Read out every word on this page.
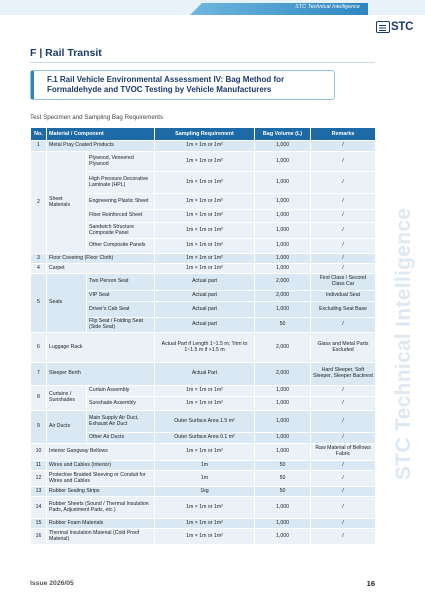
STC Technical Intelligence
STC
F | Rail Transit
F.1 Rail Vehicle Environmental Assessment IV: Bag Method for Formaldehyde and TVOC Testing by Vehicle Manufacturers
STC Technical Intelligence
Test Specimen and Sampling Bag Requirements
No.	Material / Component		Sampling Requirement	Bag Volume (L)	Remarks
1	Metal Pray Coated Products		1m × 1m or 1m²	1,000	/
2	Sheet Materials	Plywood, Veneered Plywood	1m × 1m or 1m²	1,000	/
		High Pressure Decorative Laminate (HPL)	1m × 1m or 1m²	1,000	/
		Engineering Plastic Sheet	1m × 1m or 1m²	1,000	/
		Fiber Reinforced Sheet	1m × 1m or 1m²	1,000	/
		Sandwich Structure Composite Panel	1m × 1m or 1m²	1,000	/
		Other Composite Panels	1m × 1m or 1m²	1,000	/
3	Floor Covering (Floor Cloth)		1m × 1m or 1m²	1,000	/
4	Carpet		1m × 1m or 1m²	1,000	/
5	Seats	Two Person Seat	Actual part	2,000	First Class / Second Class Car
		VIP Seat	Actual part	2,000	Individual Seat
		Driver's Cab Seat	Actual part	1,000	Excluding Seat Base
		Flip Seat / Folding Seat (Side Seat)	Actual part	50	/
6	Luggage Rack		Actual Part if Length 1~1.5 m; Trim to 1~1.5 m if >1.5 m	2,000	Glass and Metal Parts Excluded
7	Sleeper Berth		Actual Part	2,000	Hard Sleeper, Soft Sleeper, Sleeper Backrest
8	Curtains / Sunshades	Curtain Assembly	1m × 1m or 1m²	1,000	/
		Sunshade Assembly	1m × 1m or 1m²	1,000	/
9	Air Ducts	Main Supply Air Duct, Exhaust Air Duct	Outer Surface Area 1.5 m²	1,000	/
		Other Air Ducts	Outer Surface Area 0.1 m²	1,000	/
10	Interior Gangway Bellows		1m × 1m or 1m²	1,000	Raw Material of Bellows Fabric
11	Wires and Cables (Interior)		1m	50	/
12	Protective Braided Sleeving or Conduit for Wires and Cables		1m	50	/
13	Rubber Sealing Strips		1kg	50	/
14	Rubber Sheets (Sound / Thermal Insulation Pads, Adjustment Pads, etc.)		1m × 1m or 1m²	1,000	/
15	Rubber Foam Materials		1m × 1m or 1m²	1,000	/
16	Thermal Insulation Material (Cold Proof Material)		1m × 1m or 1m²	1,000	/
Issue 2026/05	16
